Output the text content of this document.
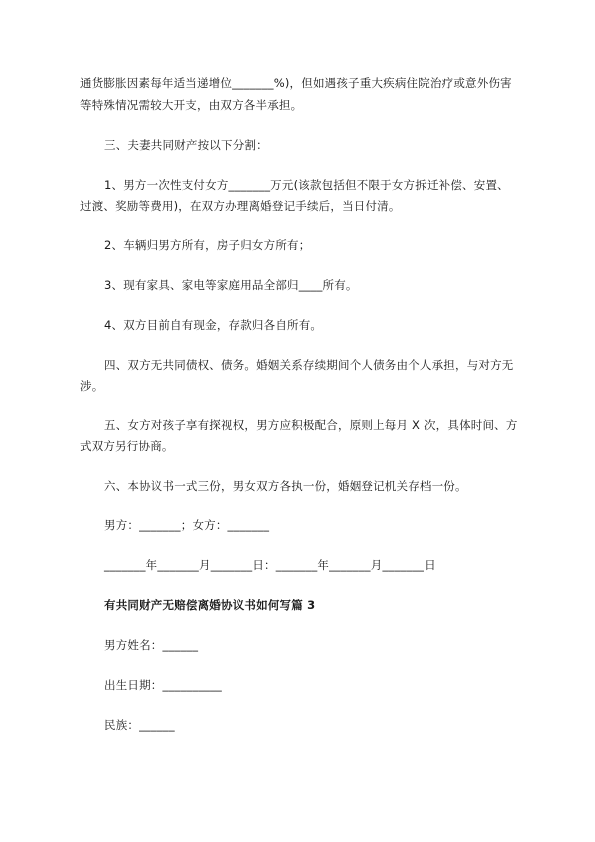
通货膨胀因素每年适当递增位_______%)，但如遇孩子重大疾病住院治疗或意外伤害
等特殊情况需较大开支，由双方各半承担。
三、夫妻共同财产按以下分割：
1、男方一次性支付女方_______万元(该款包括但不限于女方拆迁补偿、安置、
过渡、奖励等费用)，在双方办理离婚登记手续后，当日付清。
2、车辆归男方所有，房子归女方所有；
3、现有家具、家电等家庭用品全部归____所有。
4、双方目前自有现金，存款归各自所有。
四、双方无共同债权、债务。婚姻关系存续期间个人债务由个人承担，与对方无
涉。
五、女方对孩子享有探视权，男方应积极配合，原则上每月 X 次，具体时间、方
式双方另行协商。
六、本协议书一式三份，男女双方各执一份，婚姻登记机关存档一份。
男方：_______；女方：_______
_______年_______月_______日：_______年_______月_______日
有共同财产无赔偿离婚协议书如何写篇 3
男方姓名：______
出生日期：__________
民族：______
